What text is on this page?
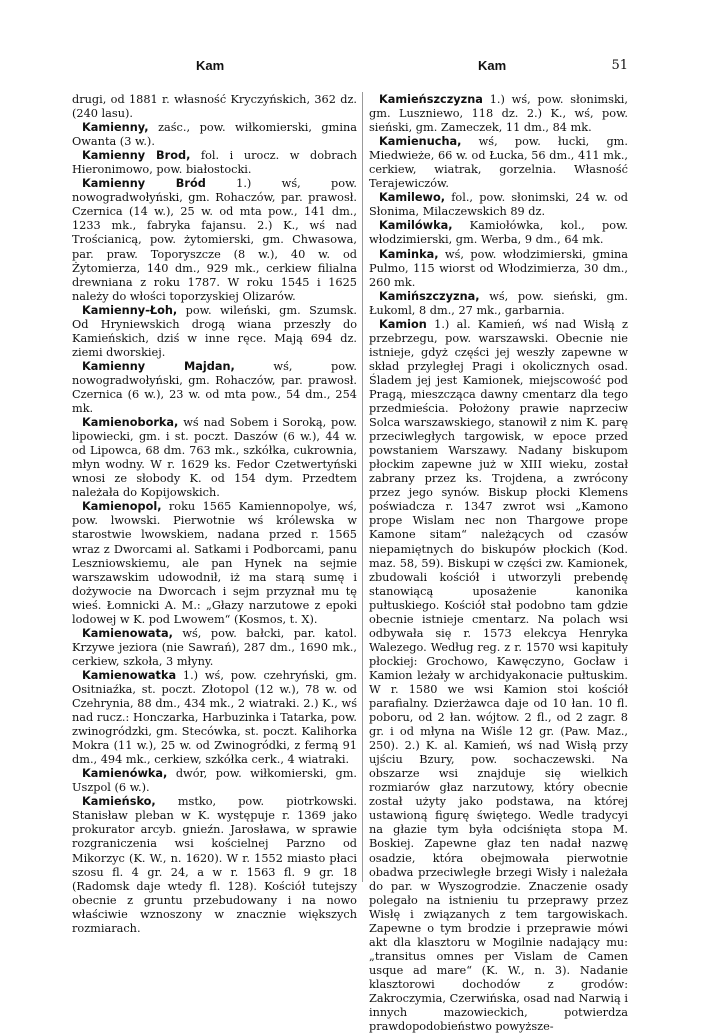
Kam	Kam	51

drugi, od 1881 r. własność Kryczyńskich, 362 dz. (240 lasu).

Kamienny, zaśc., pow. wiłkomierski, gmina Owanta (3 w.).

Kamienny Brod, fol. i urocz. w dobrach Hieronimowo, pow. białostocki.

Kamienny Bród 1.) wś, pow. nowogradwołyński, gm. Rohaczów, par. prawosł. Czernica (14 w.), 25 w. od mta pow., 141 dm., 1233 mk., fabryka fajansu. 2.) K., wś nad Trościanicą, pow. żytomierski, gm. Chwasowa, par. praw. Toporyszcze (8 w.), 40 w. od Żytomierza, 140 dm., 929 mk., cerkiew filialna drewniana z roku 1787. W roku 1545 i 1625 należy do włości toporzyskiej Olizarów.

Kamienny-Łoh, pow. wileński, gm. Szumsk. Od Hryniewskich drogą wiana przeszły do Kamieńskich, dziś w inne ręce. Mają 694 dz. ziemi dworskiej.

Kamienny Majdan, wś, pow. nowogradwołyński, gm. Rohaczów, par. prawosł. Czernica (6 w.), 23 w. od mta pow., 54 dm., 254 mk.

Kamienoborka, wś nad Sobem i Soroką, pow. lipowiecki, gm. i st. poczt. Daszów (6 w.), 44 w. od Lipowca, 68 dm. 763 mk., szkółka, cukrownia, młyn wodny. W r. 1629 ks. Fedor Czetwertyński wnosi ze słobody K. od 154 dym. Przedtem należała do Kopijowskich.

Kamienopol, roku 1565 Kamiennopolye, wś, pow. lwowski. Pierwotnie wś królewska w starostwie lwowskiem, nadana przed r. 1565 wraz z Dworcami al. Satkami i Podborcami, panu Leszniowskiemu, ale pan Hynek na sejmie warszawskim udowodnił, iż ma starą sumę i dożywocie na Dworcach i sejm przyznał mu tę wieś. Łomnicki A. M.: „Głazy narzutowe z epoki lodowej w K. pod Lwowem“ (Kosmos, t. X).

Kamienowata, wś, pow. bałcki, par. katol. Krzywe jeziora (nie Sawrań), 287 dm., 1690 mk., cerkiew, szkoła, 3 młyny.

Kamienowatka 1.) wś, pow. czehryński, gm. Ositniaźka, st. poczt. Złotopol (12 w.), 78 w. od Czehrynia, 88 dm., 434 mk., 2 wiatraki. 2.) K., wś nad rucz.: Honczarka, Harbuzinka i Tatarka, pow. zwinogródzki, gm. Stecówka, st. poczt. Kalihorka Mokra (11 w.), 25 w. od Zwinogródki, z fermą 91 dm., 494 mk., cerkiew, szkółka cerk., 4 wiatraki.

Kamienówka, dwór, pow. wiłkomierski, gm. Uszpol (6 w.).

Kamieńsko, mstko, pow. piotrkowski. Stanisław pleban w K. występuje r. 1369 jako prokurator arcyb. gnieźn. Jarosława, w sprawie rozgraniczenia wsi kościelnej Parzno od Mikorzyc (K. W., n. 1620). W r. 1552 miasto płaci szosu fl. 4 gr. 24, a w r. 1563 fl. 9 gr. 18 (Radomsk daje wtedy fl. 128). Kościół tutejszy obecnie z gruntu przebudowany i na nowo właściwie wznoszony w znacznie większych rozmiarach.

Kamieńszczyzna 1.) wś, pow. słonimski, gm. Luszniewo, 118 dz. 2.) K., wś, pow. sieński, gm. Zameczek, 11 dm., 84 mk.

Kamienucha, wś, pow. łucki, gm. Miedwieże, 66 w. od Łucka, 56 dm., 411 mk., cerkiew, wiatrak, gorzelnia. Własność Terajewiczów.

Kamilewo, fol., pow. słonimski, 24 w. od Słonima, Milaczewskich 89 dz.

Kamilówka, Kamiołówka, kol., pow. włodzimierski, gm. Werba, 9 dm., 64 mk.

Kaminka, wś, pow. włodzimierski, gmina Pulmo, 115 wiorst od Włodzimierza, 30 dm., 260 mk.

Kamińszczyzna, wś, pow. sieński, gm. Łukoml, 8 dm., 27 mk., garbarnia.

Kamion 1.) al. Kamień, wś nad Wisłą z przebrzegu, pow. warszawski. Obecnie nie istnieje, gdyż części jej weszły zapewne w skład przyległej Pragi i okolicznych osad. Śladem jej jest Kamionek, miejscowość pod Pragą, mieszcząca dawny cmentarz dla tego przedmieścia. Położony prawie naprzeciw Solca warszawskiego, stanowił z nim K. parę przeciwległych targowisk, w epoce przed powstaniem Warszawy. Nadany biskupom płockim zapewne już w XIII wieku, został zabrany przez ks. Trojdena, a zwrócony przez jego synów. Biskup płocki Klemens poświadcza r. 1347 zwrot wsi „Kamono prope Wislam nec non Thargowe prope Kamone sitam“ należących od czasów niepamiętnych do biskupów płockich (Kod. maz. 58, 59). Biskupi w części zw. Kamionek, zbudowali kościół i utworzyli prebendę stanowiącą uposażenie kanonika pułtuskiego. Kościół stał podobno tam gdzie obecnie istnieje cmentarz. Na polach wsi odbywała się r. 1573 elekcya Henryka Walezego. Według reg. z r. 1570 wsi kapituły płockiej: Grochowo, Kawęczyno, Gocław i Kamion leżały w archidyakonacie pułtuskim. W r. 1580 we wsi Kamion stoi kościół parafialny. Dzierżawca daje od 10 łan. 10 fl. poboru, od 2 łan. wójtow. 2 fl., od 2 zagr. 8 gr. i od młyna na Wiśle 12 gr. (Paw. Maz., 250). 2.) K. al. Kamień, wś nad Wisłą przy ujściu Bzury, pow. sochaczewski. Na obszarze wsi znajduje się wielkich rozmiarów głaz narzutowy, który obecnie został użyty jako podstawa, na której ustawioną figurę świętego. Wedle tradycyi na głazie tym była odciśnięta stopa M. Boskiej. Zapewne głaz ten nadał nazwę osadzie, która obejmowała pierwotnie obadwa przeciwległe brzegi Wisły i należała do par. w Wyszogrodzie. Znaczenie osady polegało na istnieniu tu przeprawy przez Wisłę i związanych z tem targowiskach. Zapewne o tym brodzie i przeprawie mówi akt dla klasztoru w Mogilnie nadający mu: „transitus omnes per Vislam de Camen usque ad mare“ (K. W., n. 3). Nadanie klasztorowi dochodów z grodów: Zakroczymia, Czerwińska, osad nad Narwią i innych mazowieckich, potwierdza prawdopodobieństwo powyższe-
